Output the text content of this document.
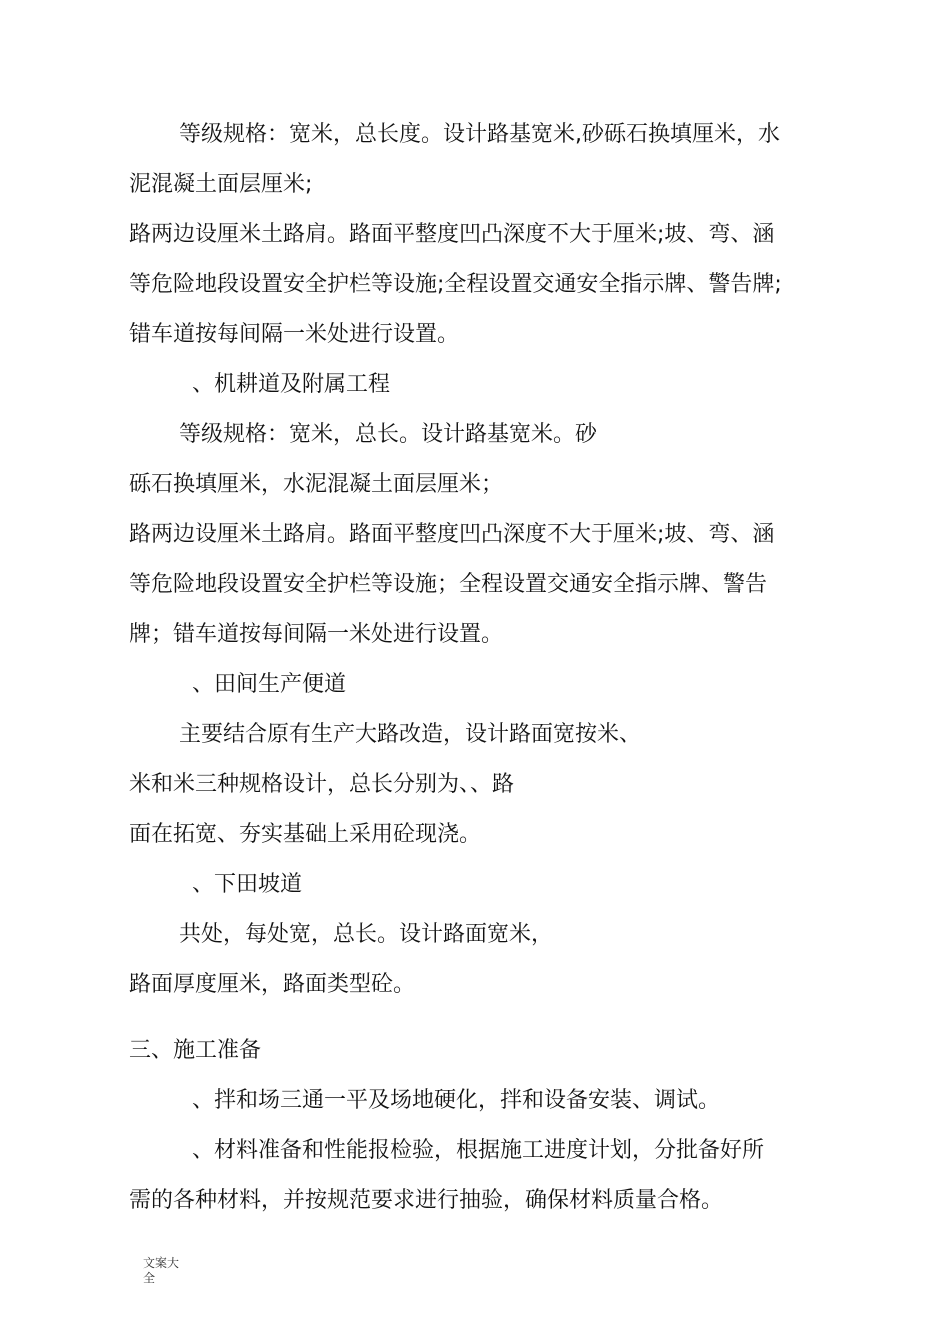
等级规格：宽米，总长度。设计路基宽米,砂砾石换填厘米，水
泥混凝土面层厘米;
路两边设厘米土路肩。路面平整度凹凸深度不大于厘米;坡、弯、涵
等危险地段设置安全护栏等设施;全程设置交通安全指示牌、警告牌;
错车道按每间隔一米处进行设置。
、机耕道及附属工程
等级规格：宽米，总长。设计路基宽米。砂
砾石换填厘米，水泥混凝土面层厘米；
路两边设厘米土路肩。路面平整度凹凸深度不大于厘米;坡、弯、涵
等危险地段设置安全护栏等设施；全程设置交通安全指示牌、警告
牌；错车道按每间隔一米处进行设置。
、田间生产便道
主要结合原有生产大路改造，设计路面宽按米、
米和米三种规格设计，总长分别为、、路
面在拓宽、夯实基础上采用砼现浇。
、下田坡道
共处，每处宽，总长。设计路面宽米，
路面厚度厘米，路面类型砼。
三、施工准备
、拌和场三通一平及场地硬化，拌和设备安装、调试。
、材料准备和性能报检验，根据施工进度计划，分批备好所
需的各种材料，并按规范要求进行抽验，确保材料质量合格。
文案大
全
